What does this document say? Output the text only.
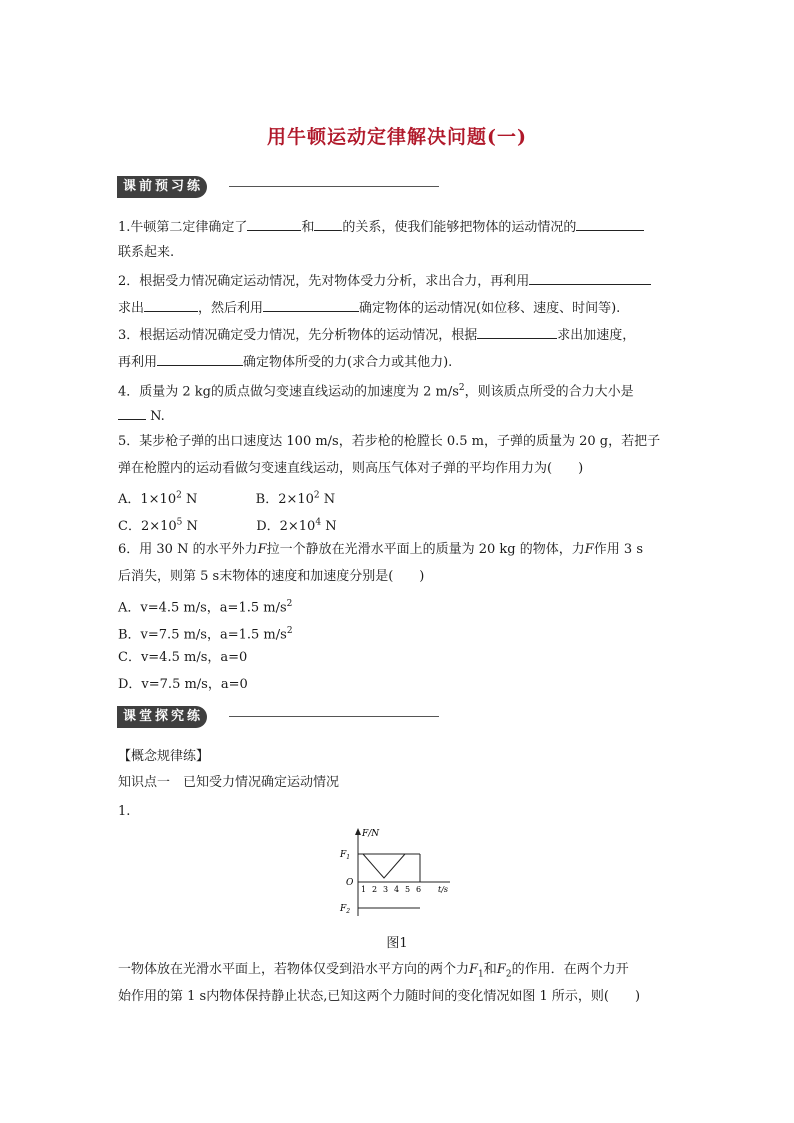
用牛顿运动定律解决问题(一)
课前预习练
1.牛顿第二定律确定了	和 的关系，使我们能够把物体的运动情况的
联系起来.
2．根据受力情况确定运动情况，先对物体受力分析，求出合力，再利用
求出	，然后利用	确定物体的运动情况(如位移、速度、时间等).
3．根据运动情况确定受力情况，先分析物体的运动情况，根据	求出加速度，
再利用	确定物体所受的力(求合力或其他力).
4．质量为 2 kg的质点做匀变速直线运动的加速度为 2 $m/s^2$，则该质点所受的合力大小是
N.
5．某步枪子弹的出口速度达 100 m/s，若步枪的枪膛长 0.5 m，子弹的质量为 20 g，若把子
弹在枪膛内的运动看做匀变速直线运动，则高压气体对子弹的平均作用力为(　　)
A．$1\times 10^2$ N	B．$2\times 10^2$ N
C．$2\times 10^5$ N	D．$2\times 10^4$ N
6．用 30 N 的水平外力F拉一个静放在光滑水平面上的质量为 20 kg 的物体，力F作用 3 s
后消失，则第 5 s末物体的速度和加速度分别是(　　)
A．v=4.5 m/s，a=1.5 $m/s^2$
B．v=7.5 m/s，a=1.5 $m/s^2$
C．v=4.5 m/s，a=0
D．v=7.5 m/s，a=0
课堂探究练
【概念规律练】
知识点一　已知受力情况确定运动情况
1.
F/N
$F_1$
O
$F_2$
1 2 3 4 5 6 t/s
图1
一物体放在光滑水平面上，若物体仅受到沿水平方向的两个力$F_1$和$F_2$的作用．在两个力开
始作用的第 1 s内物体保持静止状态,已知这两个力随时间的变化情况如图 1 所示，则(　　)
